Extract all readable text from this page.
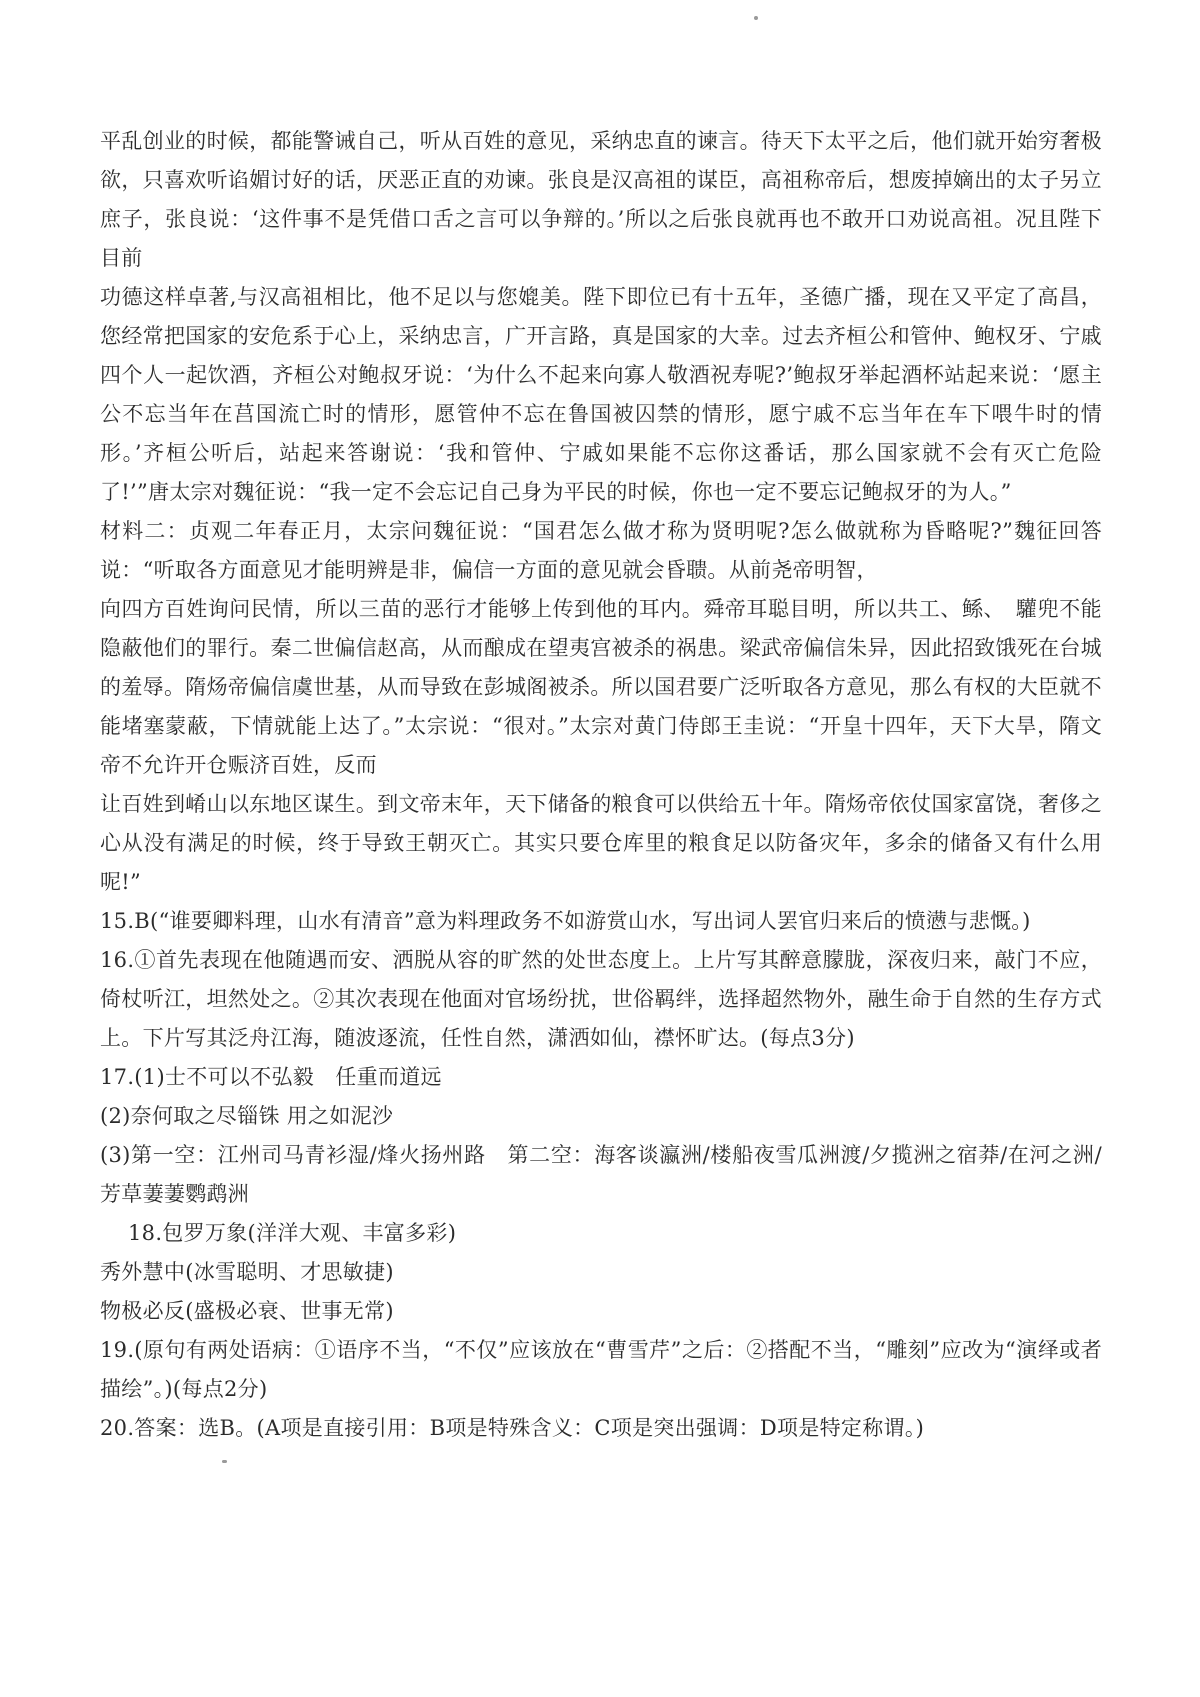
平乱创业的时候，都能警诫自己，听从百姓的意见，采纳忠直的谏言。待天下太平之后，他们就开始穷奢极欲，只喜欢听谄媚讨好的话，厌恶正直的劝谏。张良是汉高祖的谋臣，高祖称帝后，想废掉嫡出的太子另立庶子，张良说：‘这件事不是凭借口舌之言可以争辩的。’所以之后张良就再也不敢开口劝说高祖。况且陛下目前

功德这样卓著,与汉高祖相比，他不足以与您媲美。陛下即位已有十五年，圣德广播，现在又平定了高昌，您经常把国家的安危系于心上，采纳忠言，广开言路，真是国家的大幸。过去齐桓公和管仲、鲍权牙、宁戚四个人一起饮酒，齐桓公对鲍叔牙说：‘为什么不起来向寡人敬酒祝寿呢?’鲍叔牙举起酒杯站起来说：‘愿主公不忘当年在莒国流亡时的情形，愿管仲不忘在鲁国被囚禁的情形，愿宁戚不忘当年在车下喂牛时的情形。’齐桓公听后，站起来答谢说：‘我和管仲、宁戚如果能不忘你这番话，那么国家就不会有灭亡危险了!’”唐太宗对魏征说：“我一定不会忘记自己身为平民的时候，你也一定不要忘记鲍叔牙的为人。”

材料二：贞观二年春正月，太宗问魏征说：“国君怎么做才称为贤明呢?怎么做就称为昏略呢?”魏征回答说：“听取各方面意见才能明辨是非，偏信一方面的意见就会昏聩。从前尧帝明智，

向四方百姓询问民情，所以三苗的恶行才能够上传到他的耳内。舜帝耳聪目明，所以共工、鲧、　驩兜不能隐蔽他们的罪行。秦二世偏信赵高，从而酿成在望夷宫被杀的祸患。梁武帝偏信朱异，因此招致饿死在台城的羞辱。隋炀帝偏信虞世基，从而导致在彭城阁被杀。所以国君要广泛听取各方意见，那么有权的大臣就不能堵塞蒙蔽，下情就能上达了。”太宗说：“很对。”太宗对黄门侍郎王圭说：“开皇十四年，天下大旱，隋文帝不允许开仓赈济百姓，反而

让百姓到崤山以东地区谋生。到文帝末年，天下储备的粮食可以供给五十年。隋炀帝依仗国家富饶，奢侈之心从没有满足的时候，终于导致王朝灭亡。其实只要仓库里的粮食足以防备灾年，多余的储备又有什么用呢!”

15.B(“谁要卿料理，山水有清音”意为料理政务不如游赏山水，写出词人罢官归来后的愤懑与悲慨。)

16.①首先表现在他随遇而安、洒脱从容的旷然的处世态度上。上片写其醉意朦胧，深夜归来，敲门不应，倚杖听江，坦然处之。②其次表现在他面对官场纷扰，世俗羁绊，选择超然物外，融生命于自然的生存方式上。下片写其泛舟江海，随波逐流，任性自然，潇洒如仙，襟怀旷达。(每点3分)

17.(1)士不可以不弘毅　任重而道远

(2)奈何取之尽锱铢 用之如泥沙

(3)第一空：江州司马青衫湿/烽火扬州路　第二空：海客谈瀛洲/楼船夜雪瓜洲渡/夕揽洲之宿莽/在河之洲/芳草萋萋鹦鹉洲

18.包罗万象(洋洋大观、丰富多彩)

秀外慧中(冰雪聪明、才思敏捷)

物极必反(盛极必衰、世事无常)

19.(原句有两处语病：①语序不当，“不仅”应该放在“曹雪芹”之后：②搭配不当，“雕刻”应改为“演绎或者描绘”。)(每点2分)

20.答案：选B。(A项是直接引用：B项是特殊含义：C项是突出强调：D项是特定称谓。)
